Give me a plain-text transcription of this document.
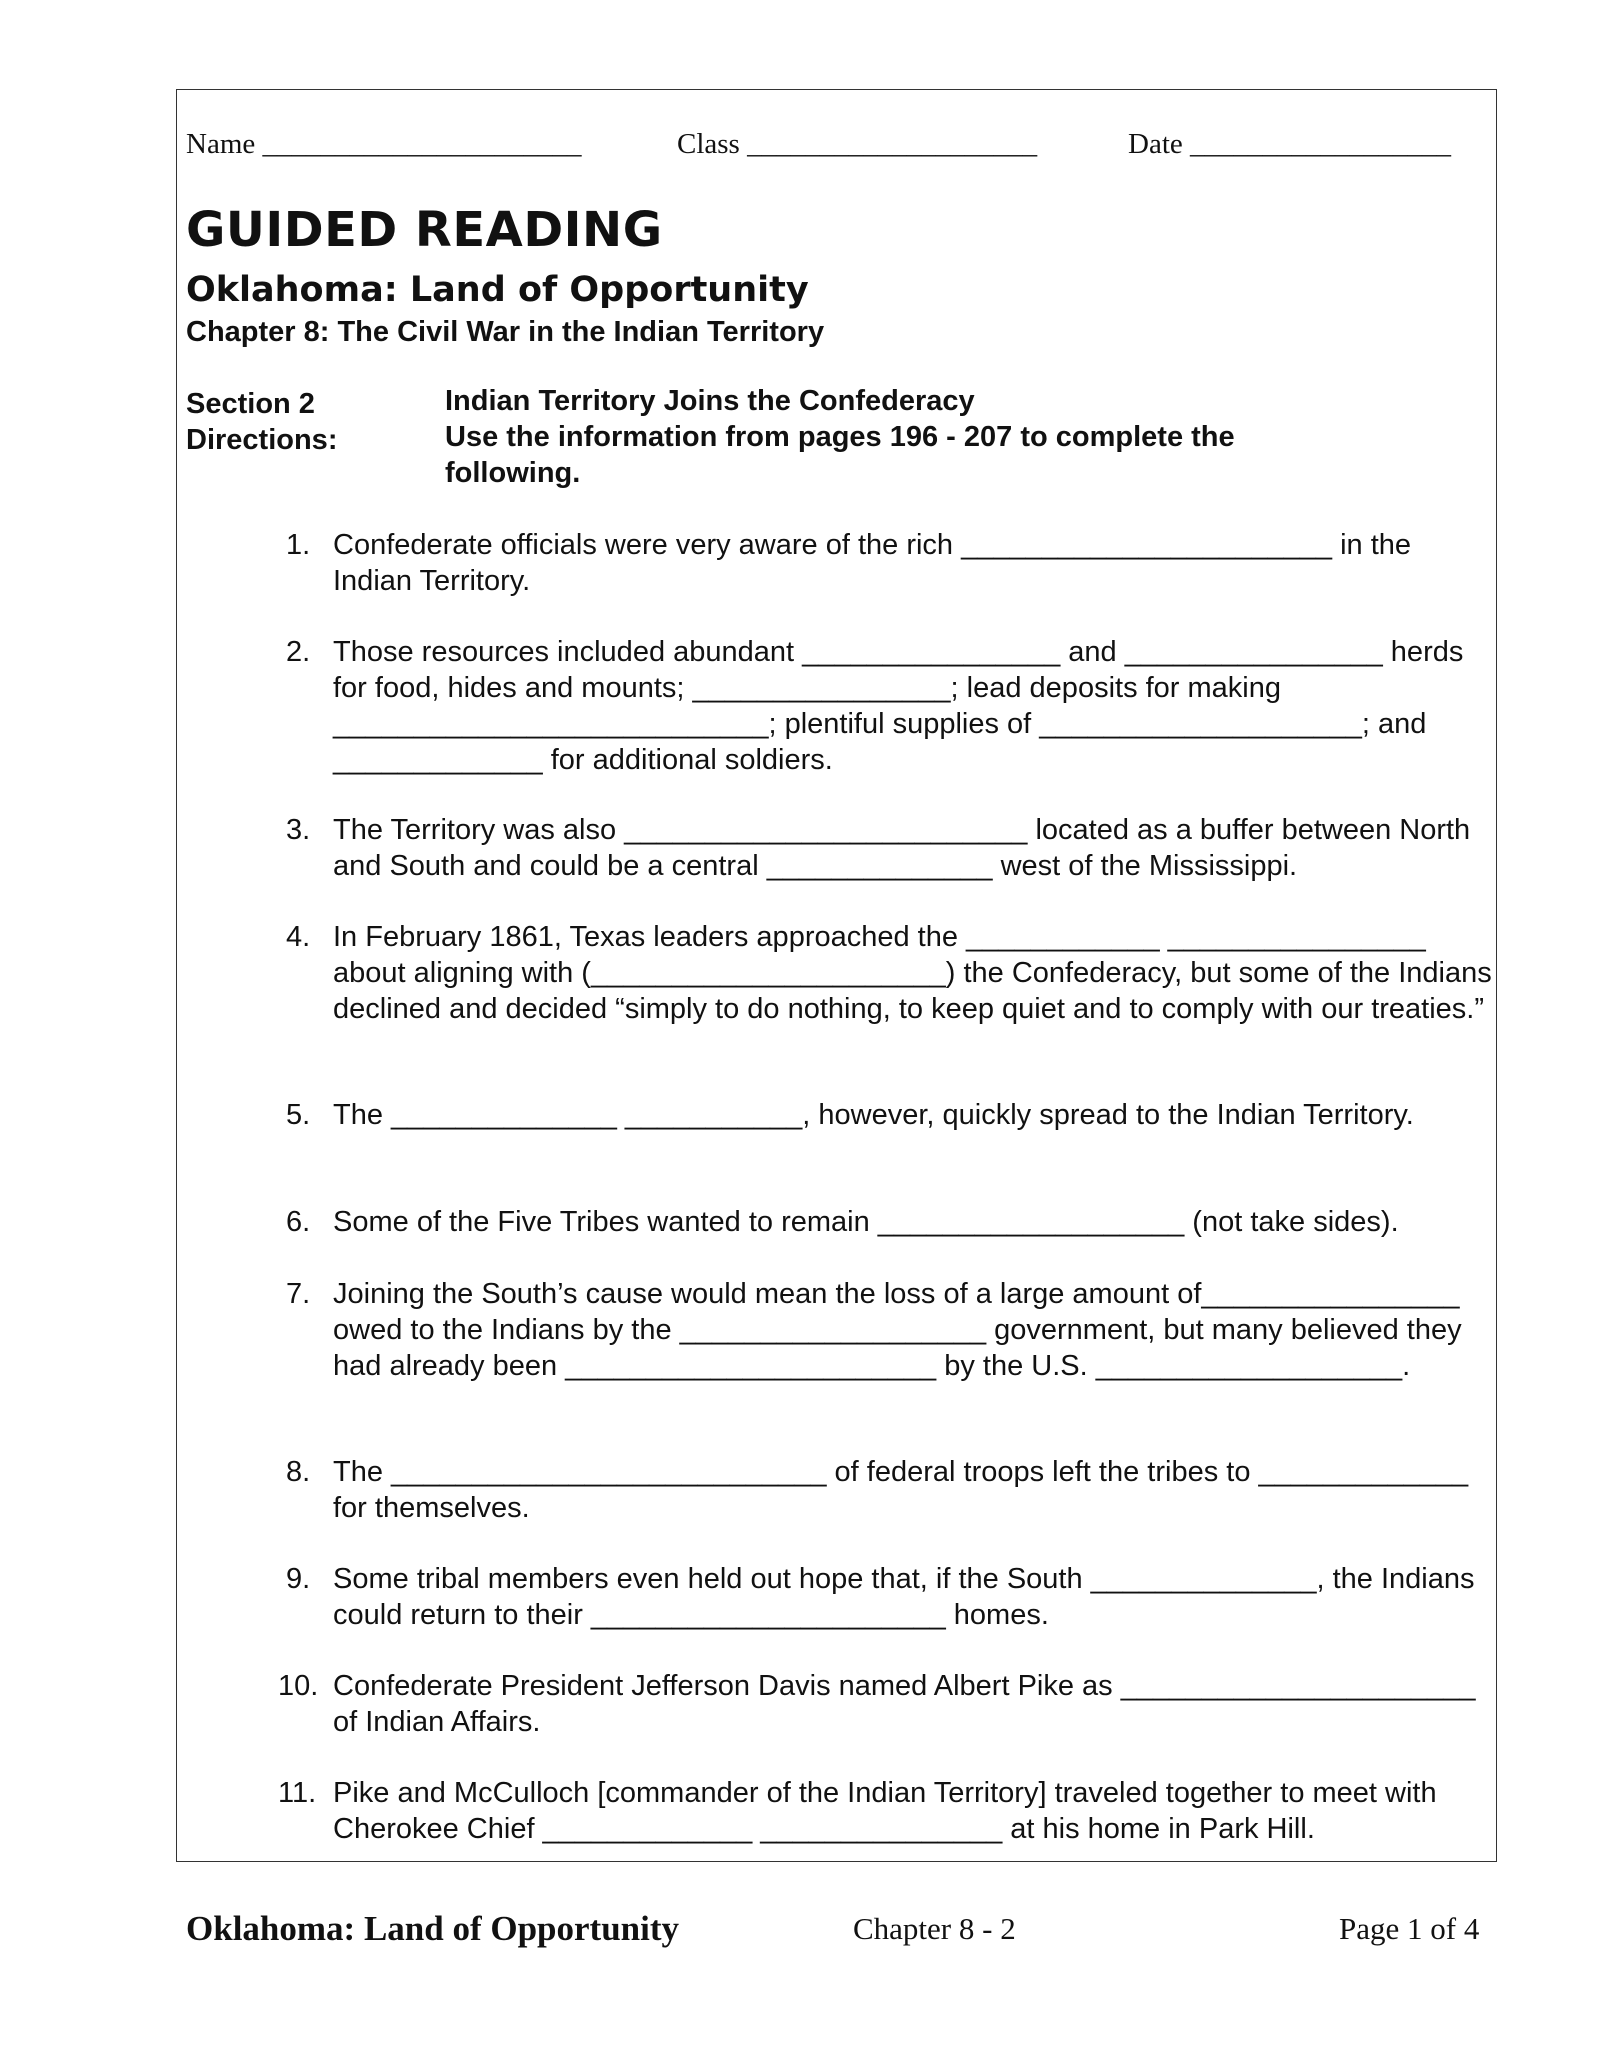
Name ______________________	Class ____________________	Date __________________
GUIDED READING
Oklahoma: Land of Opportunity
Chapter 8: The Civil War in the Indian Territory
Section 2	Indian Territory Joins the Confederacy
Directions:	Use the information from pages 196 - 207 to complete the following.
1. Confederate officials were very aware of the rich _______________________ in the Indian Territory.
2. Those resources included abundant ________________ and ________________ herds for food, hides and mounts; ________________; lead deposits for making ___________________________; plentiful supplies of ____________________; and _____________ for additional soldiers.
3. The Territory was also _________________________ located as a buffer between North and South and could be a central ______________ west of the Mississippi.
4. In February 1861, Texas leaders approached the ____________ ________________ about aligning with (______________________) the Confederacy, but some of the Indians declined and decided “simply to do nothing, to keep quiet and to comply with our treaties.”
5. The ______________ ___________, however, quickly spread to the Indian Territory.
6. Some of the Five Tribes wanted to remain ___________________ (not take sides).
7. Joining the South’s cause would mean the loss of a large amount of________________ owed to the Indians by the ___________________ government, but many believed they had already been _______________________ by the U.S. ___________________.
8. The ___________________________ of federal troops left the tribes to _____________ for themselves.
9. Some tribal members even held out hope that, if the South ______________, the Indians could return to their ______________________ homes.
10. Confederate President Jefferson Davis named Albert Pike as ______________________ of Indian Affairs.
11. Pike and McCulloch [commander of the Indian Territory] traveled together to meet with Cherokee Chief _____________ _______________ at his home in Park Hill.
Oklahoma: Land of Opportunity	Chapter 8 - 2	Page 1 of 4
